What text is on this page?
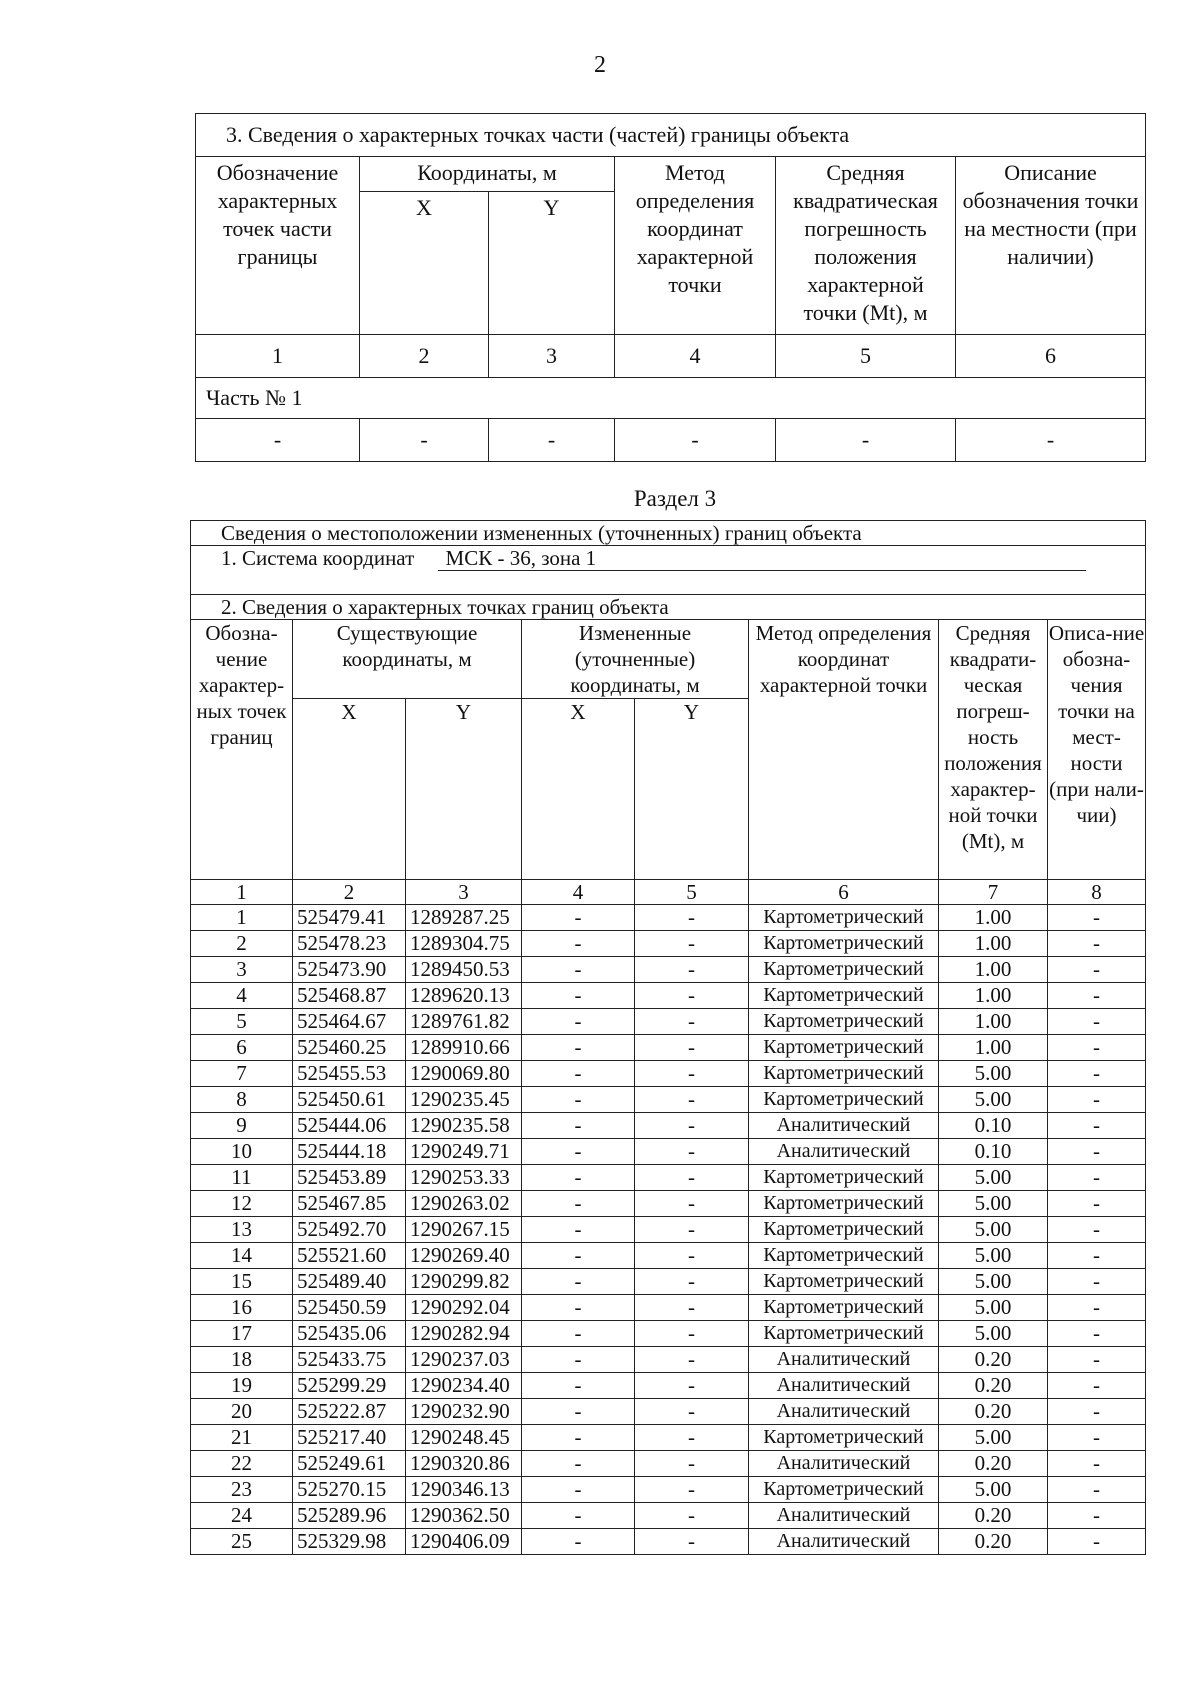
2
3. Сведения о характерных точках части (частей) границы объекта					
Обозначение характерных точек части границы	Координаты, м		Метод определения координат характерной точки	Средняя квадратическая погрешность положения характерной точки (Mt), м	Описание обозначения точки на местности (при наличии)
	X	Y			
1	2	3	4	5	6
Часть № 1					
-	-	-	-	-	-
Раздел 3
Сведения о местоположении измененных (уточненных) границ объекта							
1. Система координат МСК - 36, зона 1							
2. Сведения о характерных точках границ объекта							
Обозна-чение характер-ных точек границ	Существующие координаты, м		Измененные (уточненные) координаты, м		Метод определения координат характерной точки	Средняя квадрати-ческая погреш-ность положения характер-ной точки (Mt), м	Описа-ние обозна-чения точки на мест-ности (при нали-чии)
	X	Y	X	Y			
1	2	3	4	5	6	7	8
1	525479.41	1289287.25	-	-	Картометрический	1.00	-
2	525478.23	1289304.75	-	-	Картометрический	1.00	-
3	525473.90	1289450.53	-	-	Картометрический	1.00	-
4	525468.87	1289620.13	-	-	Картометрический	1.00	-
5	525464.67	1289761.82	-	-	Картометрический	1.00	-
6	525460.25	1289910.66	-	-	Картометрический	1.00	-
7	525455.53	1290069.80	-	-	Картометрический	5.00	-
8	525450.61	1290235.45	-	-	Картометрический	5.00	-
9	525444.06	1290235.58	-	-	Аналитический	0.10	-
10	525444.18	1290249.71	-	-	Аналитический	0.10	-
11	525453.89	1290253.33	-	-	Картометрический	5.00	-
12	525467.85	1290263.02	-	-	Картометрический	5.00	-
13	525492.70	1290267.15	-	-	Картометрический	5.00	-
14	525521.60	1290269.40	-	-	Картометрический	5.00	-
15	525489.40	1290299.82	-	-	Картометрический	5.00	-
16	525450.59	1290292.04	-	-	Картометрический	5.00	-
17	525435.06	1290282.94	-	-	Картометрический	5.00	-
18	525433.75	1290237.03	-	-	Аналитический	0.20	-
19	525299.29	1290234.40	-	-	Аналитический	0.20	-
20	525222.87	1290232.90	-	-	Аналитический	0.20	-
21	525217.40	1290248.45	-	-	Картометрический	5.00	-
22	525249.61	1290320.86	-	-	Аналитический	0.20	-
23	525270.15	1290346.13	-	-	Картометрический	5.00	-
24	525289.96	1290362.50	-	-	Аналитический	0.20	-
25	525329.98	1290406.09	-	-	Аналитический	0.20	-
